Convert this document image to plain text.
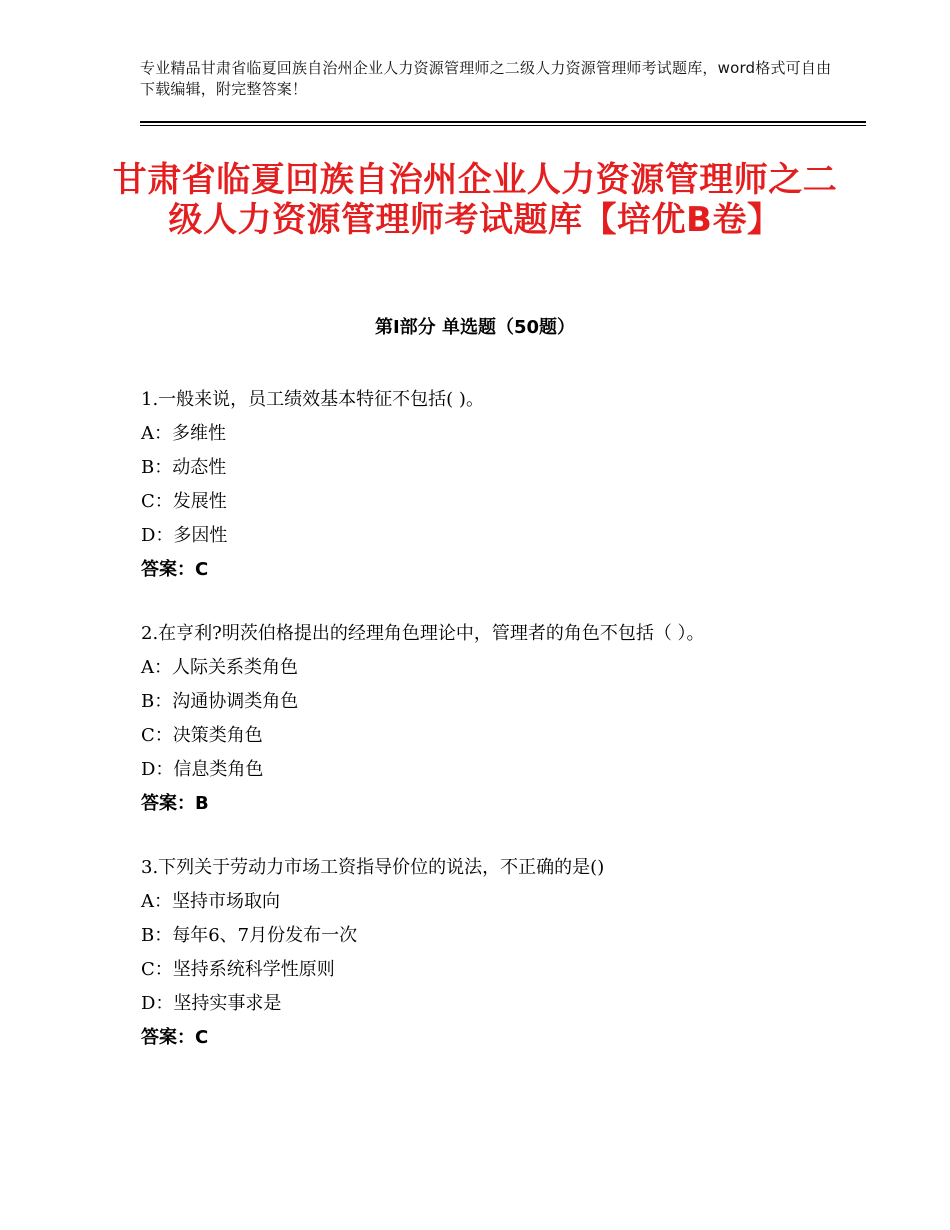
专业精品甘肃省临夏回族自治州企业人力资源管理师之二级人力资源管理师考试题库，word格式可自由下载编辑，附完整答案！
甘肃省临夏回族自治州企业人力资源管理师之二级人力资源管理师考试题库【培优B卷】
第Ⅰ部分 单选题（50题）
1.一般来说，员工绩效基本特征不包括( )。
A：多维性
B：动态性
C：发展性
D：多因性
答案：C
2.在亨利?明茨伯格提出的经理角色理论中，管理者的角色不包括（ ）。
A：人际关系类角色
B：沟通协调类角色
C：决策类角色
D：信息类角色
答案：B
3.下列关于劳动力市场工资指导价位的说法，不正确的是()
A：坚持市场取向
B：每年6、7月份发布一次
C：坚持系统科学性原则
D：坚持实事求是
答案：C
